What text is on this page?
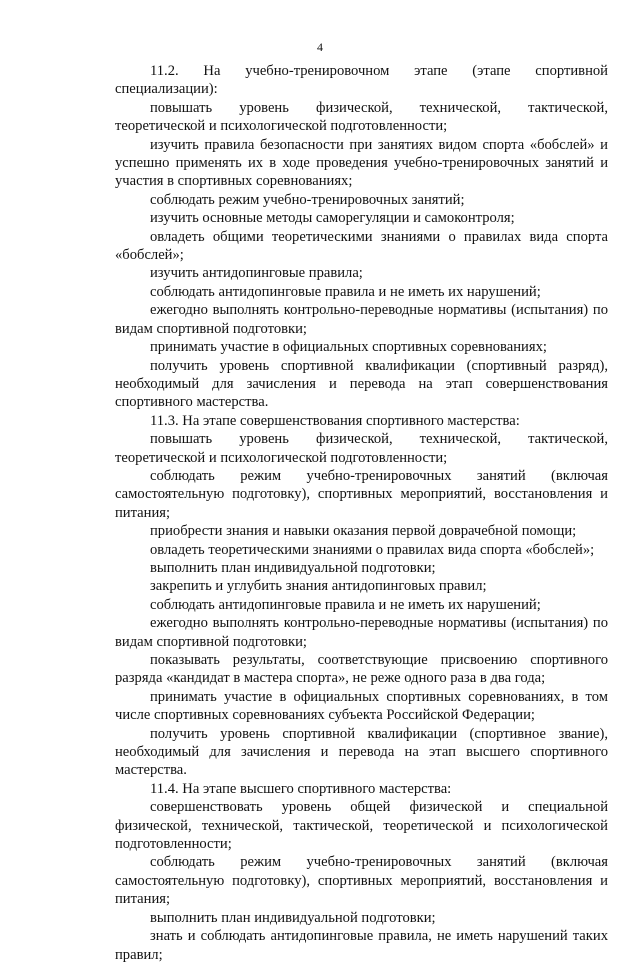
4

11.2. На учебно-тренировочном этапе (этапе спортивной специализации):

повышать уровень физической, технической, тактической, теоретической и психологической подготовленности;

изучить правила безопасности при занятиях видом спорта «бобслей» и успешно применять их в ходе проведения учебно-тренировочных занятий и участия в спортивных соревнованиях;

соблюдать режим учебно-тренировочных занятий;

изучить основные методы саморегуляции и самоконтроля;

овладеть общими теоретическими знаниями о правилах вида спорта «бобслей»;

изучить антидопинговые правила;

соблюдать антидопинговые правила и не иметь их нарушений;

ежегодно выполнять контрольно-переводные нормативы (испытания) по видам спортивной подготовки;

принимать участие в официальных спортивных соревнованиях;

получить уровень спортивной квалификации (спортивный разряд), необходимый для зачисления и перевода на этап совершенствования спортивного мастерства.

11.3. На этапе совершенствования спортивного мастерства:

повышать уровень физической, технической, тактической, теоретической и психологической подготовленности;

соблюдать режим учебно-тренировочных занятий (включая самостоятельную подготовку), спортивных мероприятий, восстановления и питания;

приобрести знания и навыки оказания первой доврачебной помощи;

овладеть теоретическими знаниями о правилах вида спорта «бобслей»;

выполнить план индивидуальной подготовки;

закрепить и углубить знания антидопинговых правил;

соблюдать антидопинговые правила и не иметь их нарушений;

ежегодно выполнять контрольно-переводные нормативы (испытания) по видам спортивной подготовки;

показывать результаты, соответствующие присвоению спортивного разряда «кандидат в мастера спорта», не реже одного раза в два года;

принимать участие в официальных спортивных соревнованиях, в том числе спортивных соревнованиях субъекта Российской Федерации;

получить уровень спортивной квалификации (спортивное звание), необходимый для зачисления и перевода на этап высшего спортивного мастерства.

11.4. На этапе высшего спортивного мастерства:

совершенствовать уровень общей физической и специальной физической, технической, тактической, теоретической и психологической подготовленности;

соблюдать режим учебно-тренировочных занятий (включая самостоятельную подготовку), спортивных мероприятий, восстановления и питания;

выполнить план индивидуальной подготовки;

знать и соблюдать антидопинговые правила, не иметь нарушений таких правил;
